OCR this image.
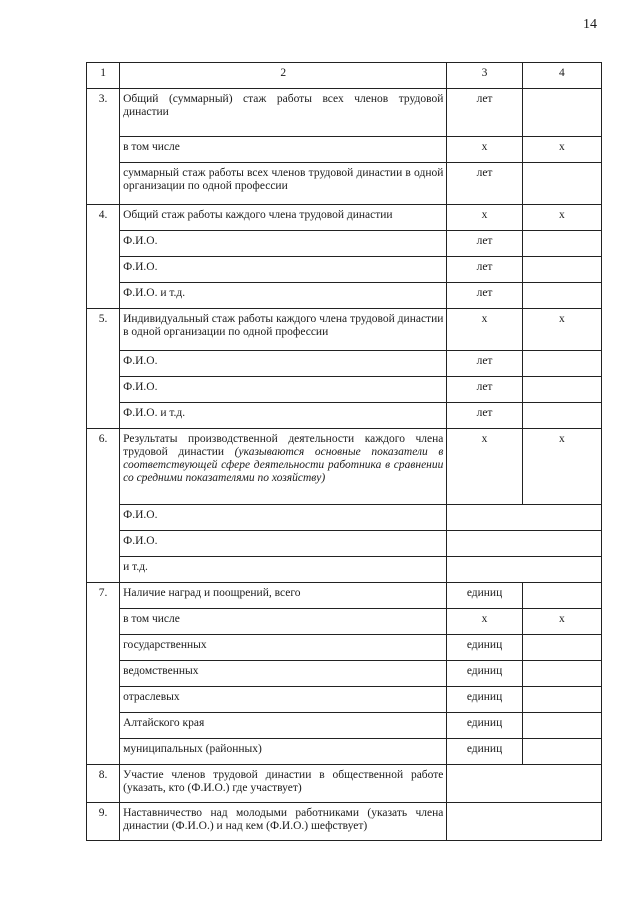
14
1	2	3	4
3.	Общий (суммарный) стаж работы всех членов трудовой династии	лет	
	в том числе	x	x
	суммарный стаж работы всех членов трудовой династии в одной организации по одной профессии	лет	
4.	Общий стаж работы каждого члена трудовой династии	x	x
	Ф.И.О.	лет	
	Ф.И.О.	лет	
	Ф.И.О. и т.д.	лет	
5.	Индивидуальный стаж работы каждого члена трудовой династии в одной организации по одной профессии	x	x
	Ф.И.О.	лет	
	Ф.И.О.	лет	
	Ф.И.О. и т.д.	лет	
6.	Результаты производственной деятельности каждого члена трудовой династии (указываются основные показатели в соответствующей сфере деятельности работника в сравнении со средними показателями по хозяйству)	x	x
	Ф.И.О.		
	Ф.И.О.		
	и т.д.		
7.	Наличие наград и поощрений, всего	единиц	
	в том числе	x	x
	государственных	единиц	
	ведомственных	единиц	
	отраслевых	единиц	
	Алтайского края	единиц	
	муниципальных (районных)	единиц	
8.	Участие членов трудовой династии в общественной работе (указать, кто (Ф.И.О.) где участвует)		
9.	Наставничество над молодыми работниками (указать члена династии (Ф.И.О.) и над кем (Ф.И.О.) шефствует)		
